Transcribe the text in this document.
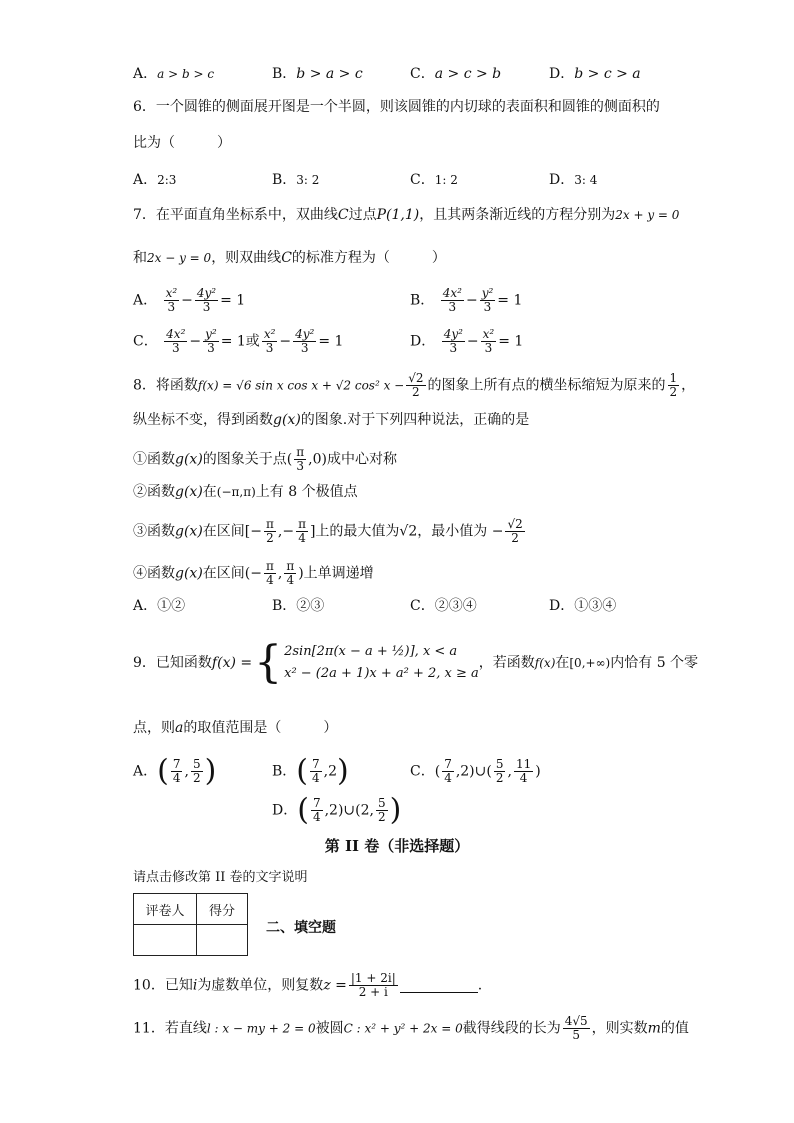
A．a > b > c	B．b > a > c	C．a > c > b	D．b > c > a
6．一个圆锥的侧面展开图是一个半圆，则该圆锥的内切球的表面积和圆锥的侧面积的
比为（　　　）
A．2:3	B．3: 2	C．1: 2	D．3: 4
7．在平面直角坐标系中，双曲线C过点P(1,1)，且其两条渐近线的方程分别为2x + y = 0
和2x − y = 0，则双曲线C的标准方程为（　　　）
A． $\frac{\text{x²}}{3} - \frac{\text{4y²}}{3} = 1$	B． $\frac{\text{4x²}}{3} - \frac{\text{y²}}{3} = 1$
C． $\frac{\text{4x²}}{3} - \frac{\text{y²}}{3} = 1$或 $\frac{\text{x²}}{3} - \frac{\text{4y²}}{3} = 1$	D． $\frac{\text{4y²}}{3} - \frac{\text{x²}}{3} = 1$
8．将函数f(x) = √6 sin x cos x + √2 cos² $x - \frac{√2}{2}$ 的图象上所有点的横坐标缩短为原来的 $\frac{1}{2}$ ，
纵坐标不变，得到函数g(x)的图象.对于下列四种说法，正确的是
①函数g(x)的图象关于点( $\frac{\pi}{3} ,0$)成中心对称
②函数g(x)在(−π,π)上有 8 个极值点
③函数g(x)在区间[− $\frac{\pi}{2}$ ,− $\frac{\pi}{4}$ ]上的最大值为√2，最小值为 − $\frac{√2}{2}$
④函数g(x)在区间(− $\frac{\pi}{4}$ , $\frac{\pi}{4}$ )上单调递增
A．①②	B．②③	C．②③④	D．①③④
9．已知函数f(x) ={ 2sin[2π(x − a + ½)], x < a
x² − (2a + 1)x + a² + 2, x ≥ a
，若函数f(x)在[0,+∞)内恰有 5 个零
点，则a的取值范围是（　　　）
A．( $\frac{7}{4}$ , $\frac{5}{2}$ )	B．( $\frac{7}{4} ,2$)	C．( $\frac{7}{4}$ ,2)∪( $\frac{5}{2}$ , $\frac{11}{4}$ )
D．( $\frac{7}{4}$ ,2)∪(2, $\frac{5}{2}$ )
第 II 卷（非选择题）
请点击修改第 II 卷的文字说明
评卷人	得分

二、填空题
10．已知i为虚数单位，则复数$z = \frac{|1 + 2i|}{2 + i}$	.
11．若直线l : x − my + 2 = 0被圆C : x² + y² + 2x = 0截得线段的长为 $\frac{4√5}{5}$ ，则实数m的值
